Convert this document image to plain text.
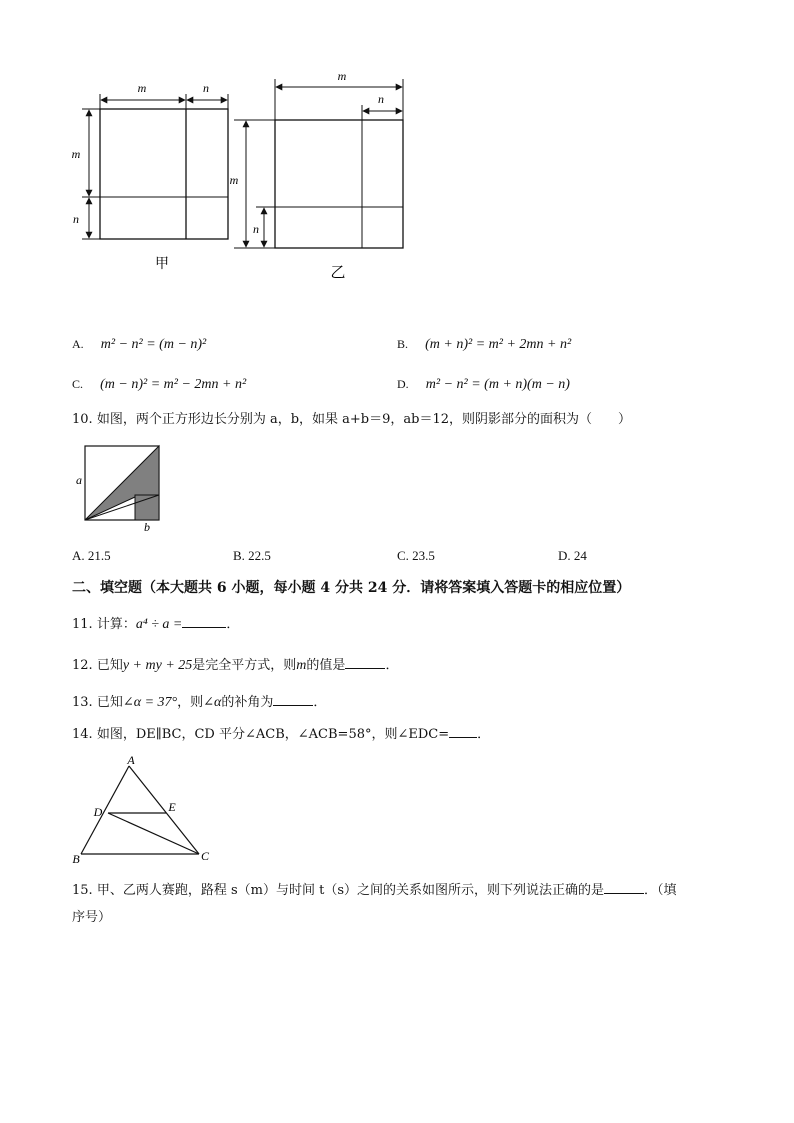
m	n
m
n
甲
m
n
m
n
乙
A. m² − n² = (m − n)²	B. (m + n)² = m² + 2mn + n²
C. (m − n)² = m² − 2mn + n²	D. m² − n² = (m + n)(m − n)
10. 如图，两个正方形边长分别为 a，b，如果 a+b＝9，ab＝12，则阴影部分的面积为（　　）
a
b
A. 21.5	B. 22.5	C. 23.5	D. 24
二、填空题（本大题共 6 小题，每小题 4 分共 24 分．请将答案填入答题卡的相应位置）
11. 计算：a⁴ ÷ a =	．
12. 已知y + my + 25是完全平方式，则m的值是	．
13. 已知∠α = 37°，则∠α的补角为	．
14. 如图，DE∥BC，CD 平分∠ACB，∠ACB=58°，则∠EDC= ．
A
B	C
D	E
15. 甲、乙两人赛跑，路程 s（m）与时间 t（s）之间的关系如图所示，则下列说法正确的是	．（填
序号）
